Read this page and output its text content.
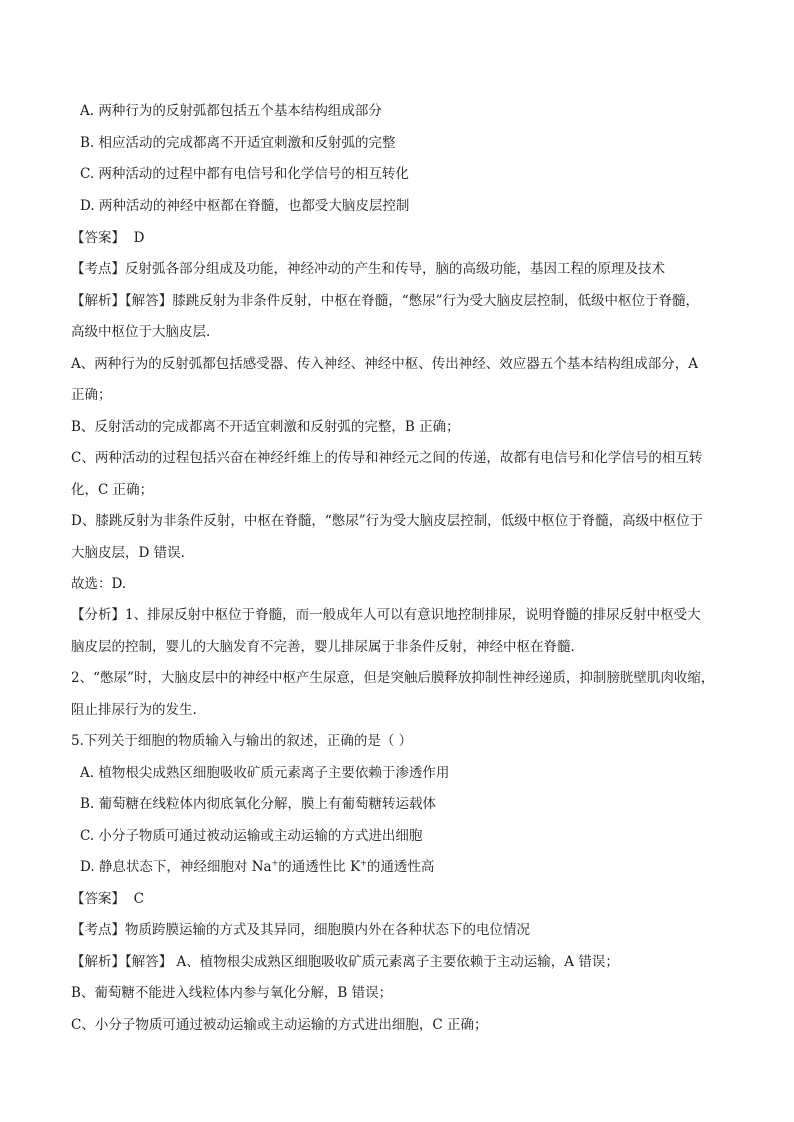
A. 两种行为的反射弧都包括五个基本结构组成部分
B. 相应活动的完成都离不开适宜刺激和反射弧的完整
C. 两种活动的过程中都有电信号和化学信号的相互转化
D. 两种活动的神经中枢都在脊髓，也都受大脑皮层控制
【答案】 D
【考点】反射弧各部分组成及功能，神经冲动的产生和传导，脑的高级功能，基因工程的原理及技术
【解析】【解答】膝跳反射为非条件反射，中枢在脊髓，“憋尿”行为受大脑皮层控制，低级中枢位于脊髓，
高级中枢位于大脑皮层.
A、两种行为的反射弧都包括感受器、传入神经、神经中枢、传出神经、效应器五个基本结构组成部分，A
正确；
B、反射活动的完成都离不开适宜刺激和反射弧的完整，B 正确；
C、两种活动的过程包括兴奋在神经纤维上的传导和神经元之间的传递，故都有电信号和化学信号的相互转
化，C 正确；
D、膝跳反射为非条件反射，中枢在脊髓，“憋尿”行为受大脑皮层控制，低级中枢位于脊髓，高级中枢位于
大脑皮层，D 错误.
故选：D.
【分析】1、排尿反射中枢位于脊髓，而一般成年人可以有意识地控制排尿，说明脊髓的排尿反射中枢受大
脑皮层的控制，婴儿的大脑发育不完善，婴儿排尿属于非条件反射，神经中枢在脊髓.
2、“憋尿”时，大脑皮层中的神经中枢产生尿意，但是突触后膜释放抑制性神经递质，抑制膀胱壁肌肉收缩，
阻止排尿行为的发生.
5.下列关于细胞的物质输入与输出的叙述，正确的是（ ）
A. 植物根尖成熟区细胞吸收矿质元素离子主要依赖于渗透作用
B. 葡萄糖在线粒体内彻底氧化分解，膜上有葡萄糖转运载体
C. 小分子物质可通过被动运输或主动运输的方式进出细胞
D. 静息状态下，神经细胞对 Na+的通透性比 K+的通透性高
【答案】 C
【考点】物质跨膜运输的方式及其异同，细胞膜内外在各种状态下的电位情况
【解析】【解答】 A、植物根尖成熟区细胞吸收矿质元素离子主要依赖于主动运输，A 错误；
B、葡萄糖不能进入线粒体内参与氧化分解，B 错误；
C、小分子物质可通过被动运输或主动运输的方式进出细胞，C 正确；
